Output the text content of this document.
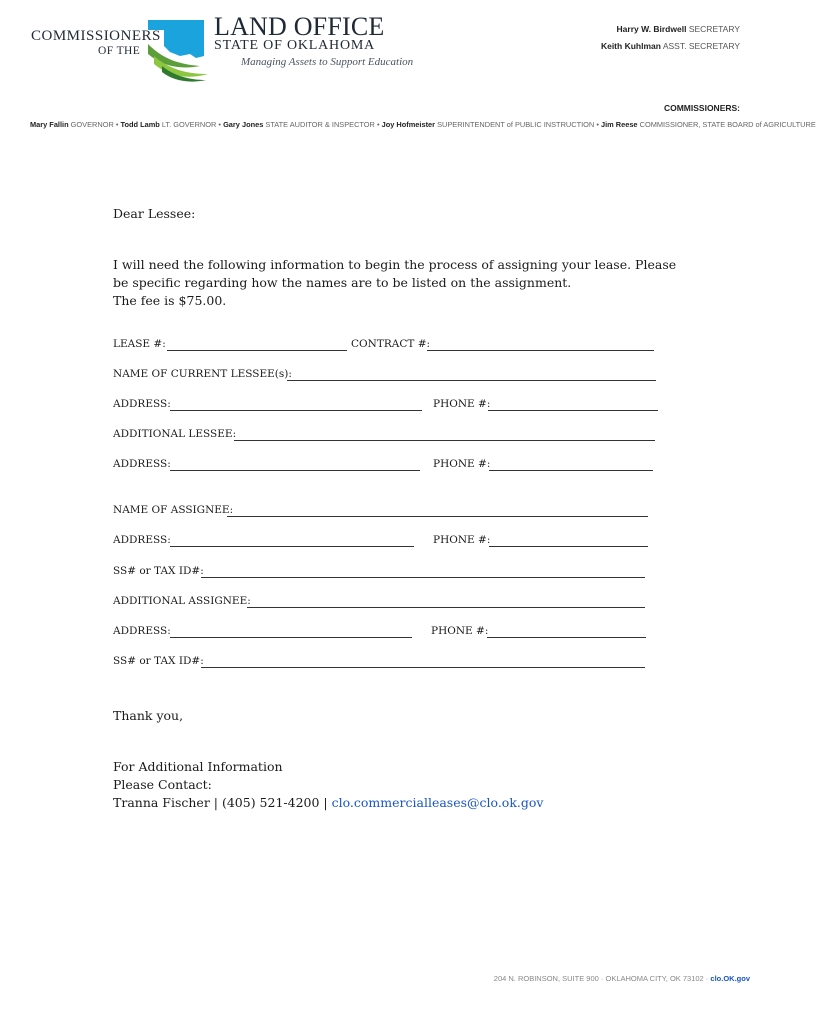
COMMISSIONERS
OF THE
LAND OFFICE
STATE OF OKLAHOMA
Managing Assets to Support Education
Harry W. Birdwell SECRETARY
Keith Kuhlman ASST. SECRETARY
COMMISSIONERS:
Mary Fallin GOVERNOR • Todd Lamb LT. GOVERNOR • Gary Jones STATE AUDITOR & INSPECTOR • Joy Hofmeister SUPERINTENDENT of PUBLIC INSTRUCTION • Jim Reese COMMISSIONER, STATE BOARD of AGRICULTURE
Dear Lessee:
I will need the following information to begin the process of assigning your lease. Please
be specific regarding how the names are to be listed on the assignment.
The fee is $75.00.
LEASE #:	CONTRACT #:
NAME OF CURRENT LESSEE(s):
ADDRESS:	PHONE #:
ADDITIONAL LESSEE:
ADDRESS:	PHONE #:
NAME OF ASSIGNEE:
ADDRESS:	PHONE #:
SS# or TAX ID#:
ADDITIONAL ASSIGNEE:
ADDRESS:	PHONE #:
SS# or TAX ID#:
Thank you,
For Additional Information
Please Contact:
Tranna Fischer | (405) 521-4200 | clo.commercialleases@clo.ok.gov
204 N. ROBINSON, SUITE 900 · OKLAHOMA CITY, OK 73102 · clo.OK.gov
